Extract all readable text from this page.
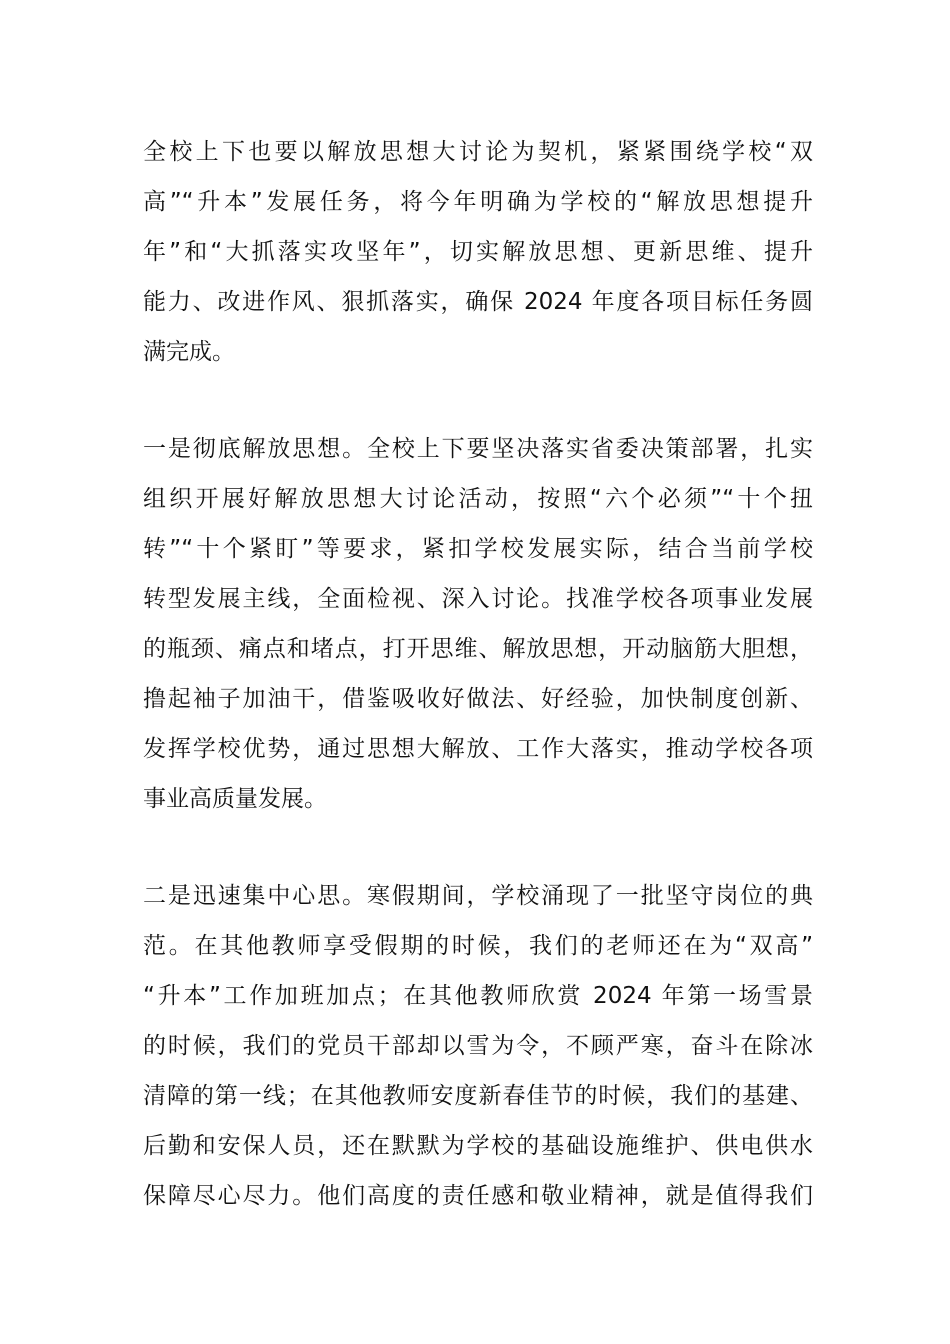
全校上下也要以解放思想大讨论为契机，紧紧围绕学校“双
高”“升本”发展任务，将今年明确为学校的“解放思想提升
年”和“大抓落实攻坚年”，切实解放思想、更新思维、提升
能力、改进作风、狠抓落实，确保 2024 年度各项目标任务圆
满完成。
一是彻底解放思想。全校上下要坚决落实省委决策部署，扎实
组织开展好解放思想大讨论活动，按照“六个必须”“十个扭
转”“十个紧盯”等要求，紧扣学校发展实际，结合当前学校
转型发展主线，全面检视、深入讨论。找准学校各项事业发展
的瓶颈、痛点和堵点，打开思维、解放思想，开动脑筋大胆想，
撸起袖子加油干，借鉴吸收好做法、好经验，加快制度创新、
发挥学校优势，通过思想大解放、工作大落实，推动学校各项
事业高质量发展。
二是迅速集中心思。寒假期间，学校涌现了一批坚守岗位的典
范。在其他教师享受假期的时候，我们的老师还在为“双高”
“升本”工作加班加点；在其他教师欣赏 2024 年第一场雪景
的时候，我们的党员干部却以雪为令，不顾严寒，奋斗在除冰
清障的第一线；在其他教师安度新春佳节的时候，我们的基建、
后勤和安保人员，还在默默为学校的基础设施维护、供电供水
保障尽心尽力。他们高度的责任感和敬业精神，就是值得我们
